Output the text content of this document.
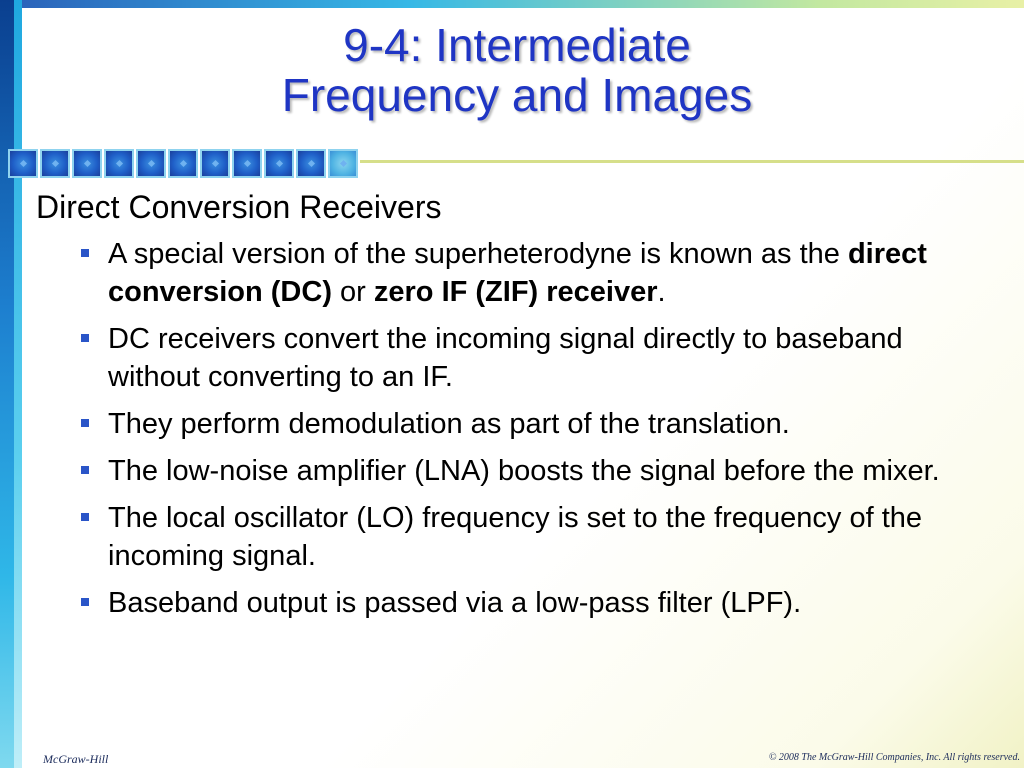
9-4: Intermediate
Frequency and Images
Direct Conversion Receivers
A special version of the superheterodyne is known as the direct conversion (DC) or zero IF (ZIF) receiver.
DC receivers convert the incoming signal directly to baseband without converting to an IF.
They perform demodulation as part of the translation.
The low-noise amplifier (LNA) boosts the signal before the mixer.
The local oscillator (LO) frequency is set to the frequency of the incoming signal.
Baseband output is passed via a low-pass filter (LPF).
McGraw-Hill	© 2008 The McGraw-Hill Companies, Inc. All rights reserved.
